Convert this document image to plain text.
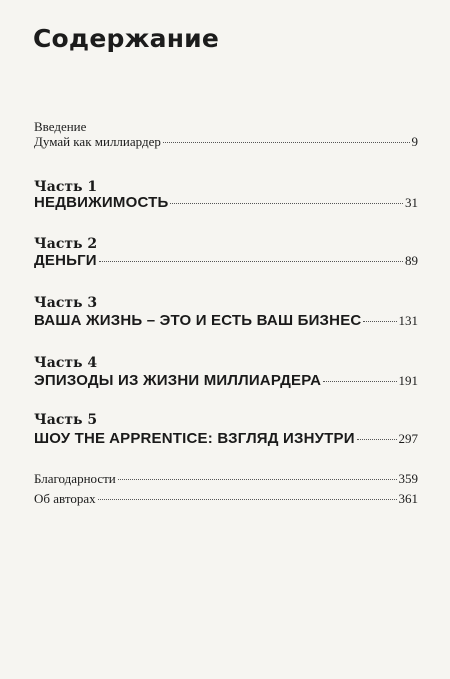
Содержание
Введение
Думай как миллиардер	9
Часть 1
НЕДВИЖИМОСТЬ	31
Часть 2
ДЕНЬГИ	89
Часть 3
ВАША ЖИЗНЬ – ЭТО И ЕСТЬ ВАШ БИЗНЕС	131
Часть 4
ЭПИЗОДЫ ИЗ ЖИЗНИ МИЛЛИАРДЕРА	191
Часть 5
ШОУ THE APPRENTICE: ВЗГЛЯД ИЗНУТРИ	297
Благодарности	359
Об авторах	361
